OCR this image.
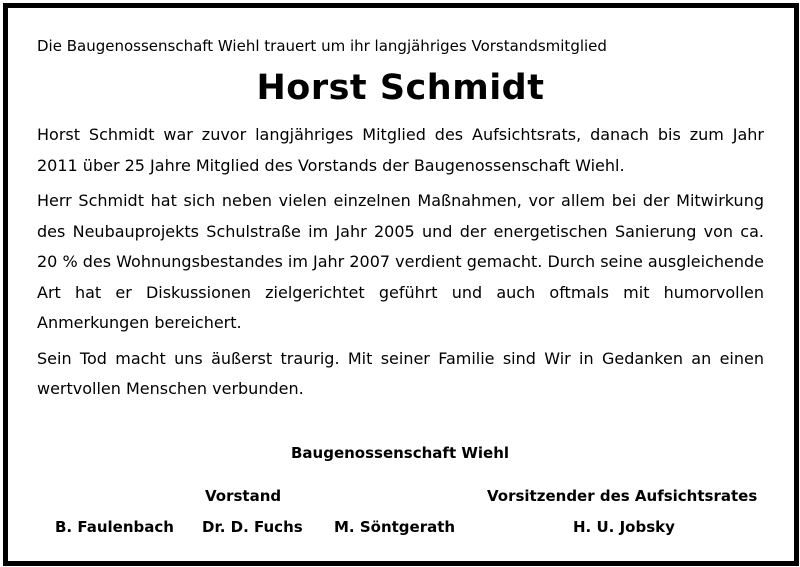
Die Baugenossenschaft Wiehl trauert um ihr langjähriges Vorstandsmitglied

Horst Schmidt

Horst Schmidt war zuvor langjähriges Mitglied des Aufsichtsrats, danach bis zum Jahr 2011 über 25 Jahre Mitglied des Vorstands der Baugenossenschaft Wiehl.

Herr Schmidt hat sich neben vielen einzelnen Maßnahmen, vor allem bei der Mitwirkung des Neubauprojekts Schulstraße im Jahr 2005 und der energetischen Sanierung von ca. 20 % des Wohnungsbestandes im Jahr 2007 verdient gemacht. Durch seine ausgleichende Art hat er Diskussionen zielgerichtet geführt und auch oftmals mit humorvollen Anmerkungen bereichert.

Sein Tod macht uns äußerst traurig. Mit seiner Familie sind Wir in Gedanken an einen wertvollen Menschen verbunden.

Baugenossenschaft Wiehl

Vorstand	Vorsitzender des Aufsichtsrates
B. Faulenbach Dr. D. Fuchs M. Söntgerath	H. U. Jobsky
